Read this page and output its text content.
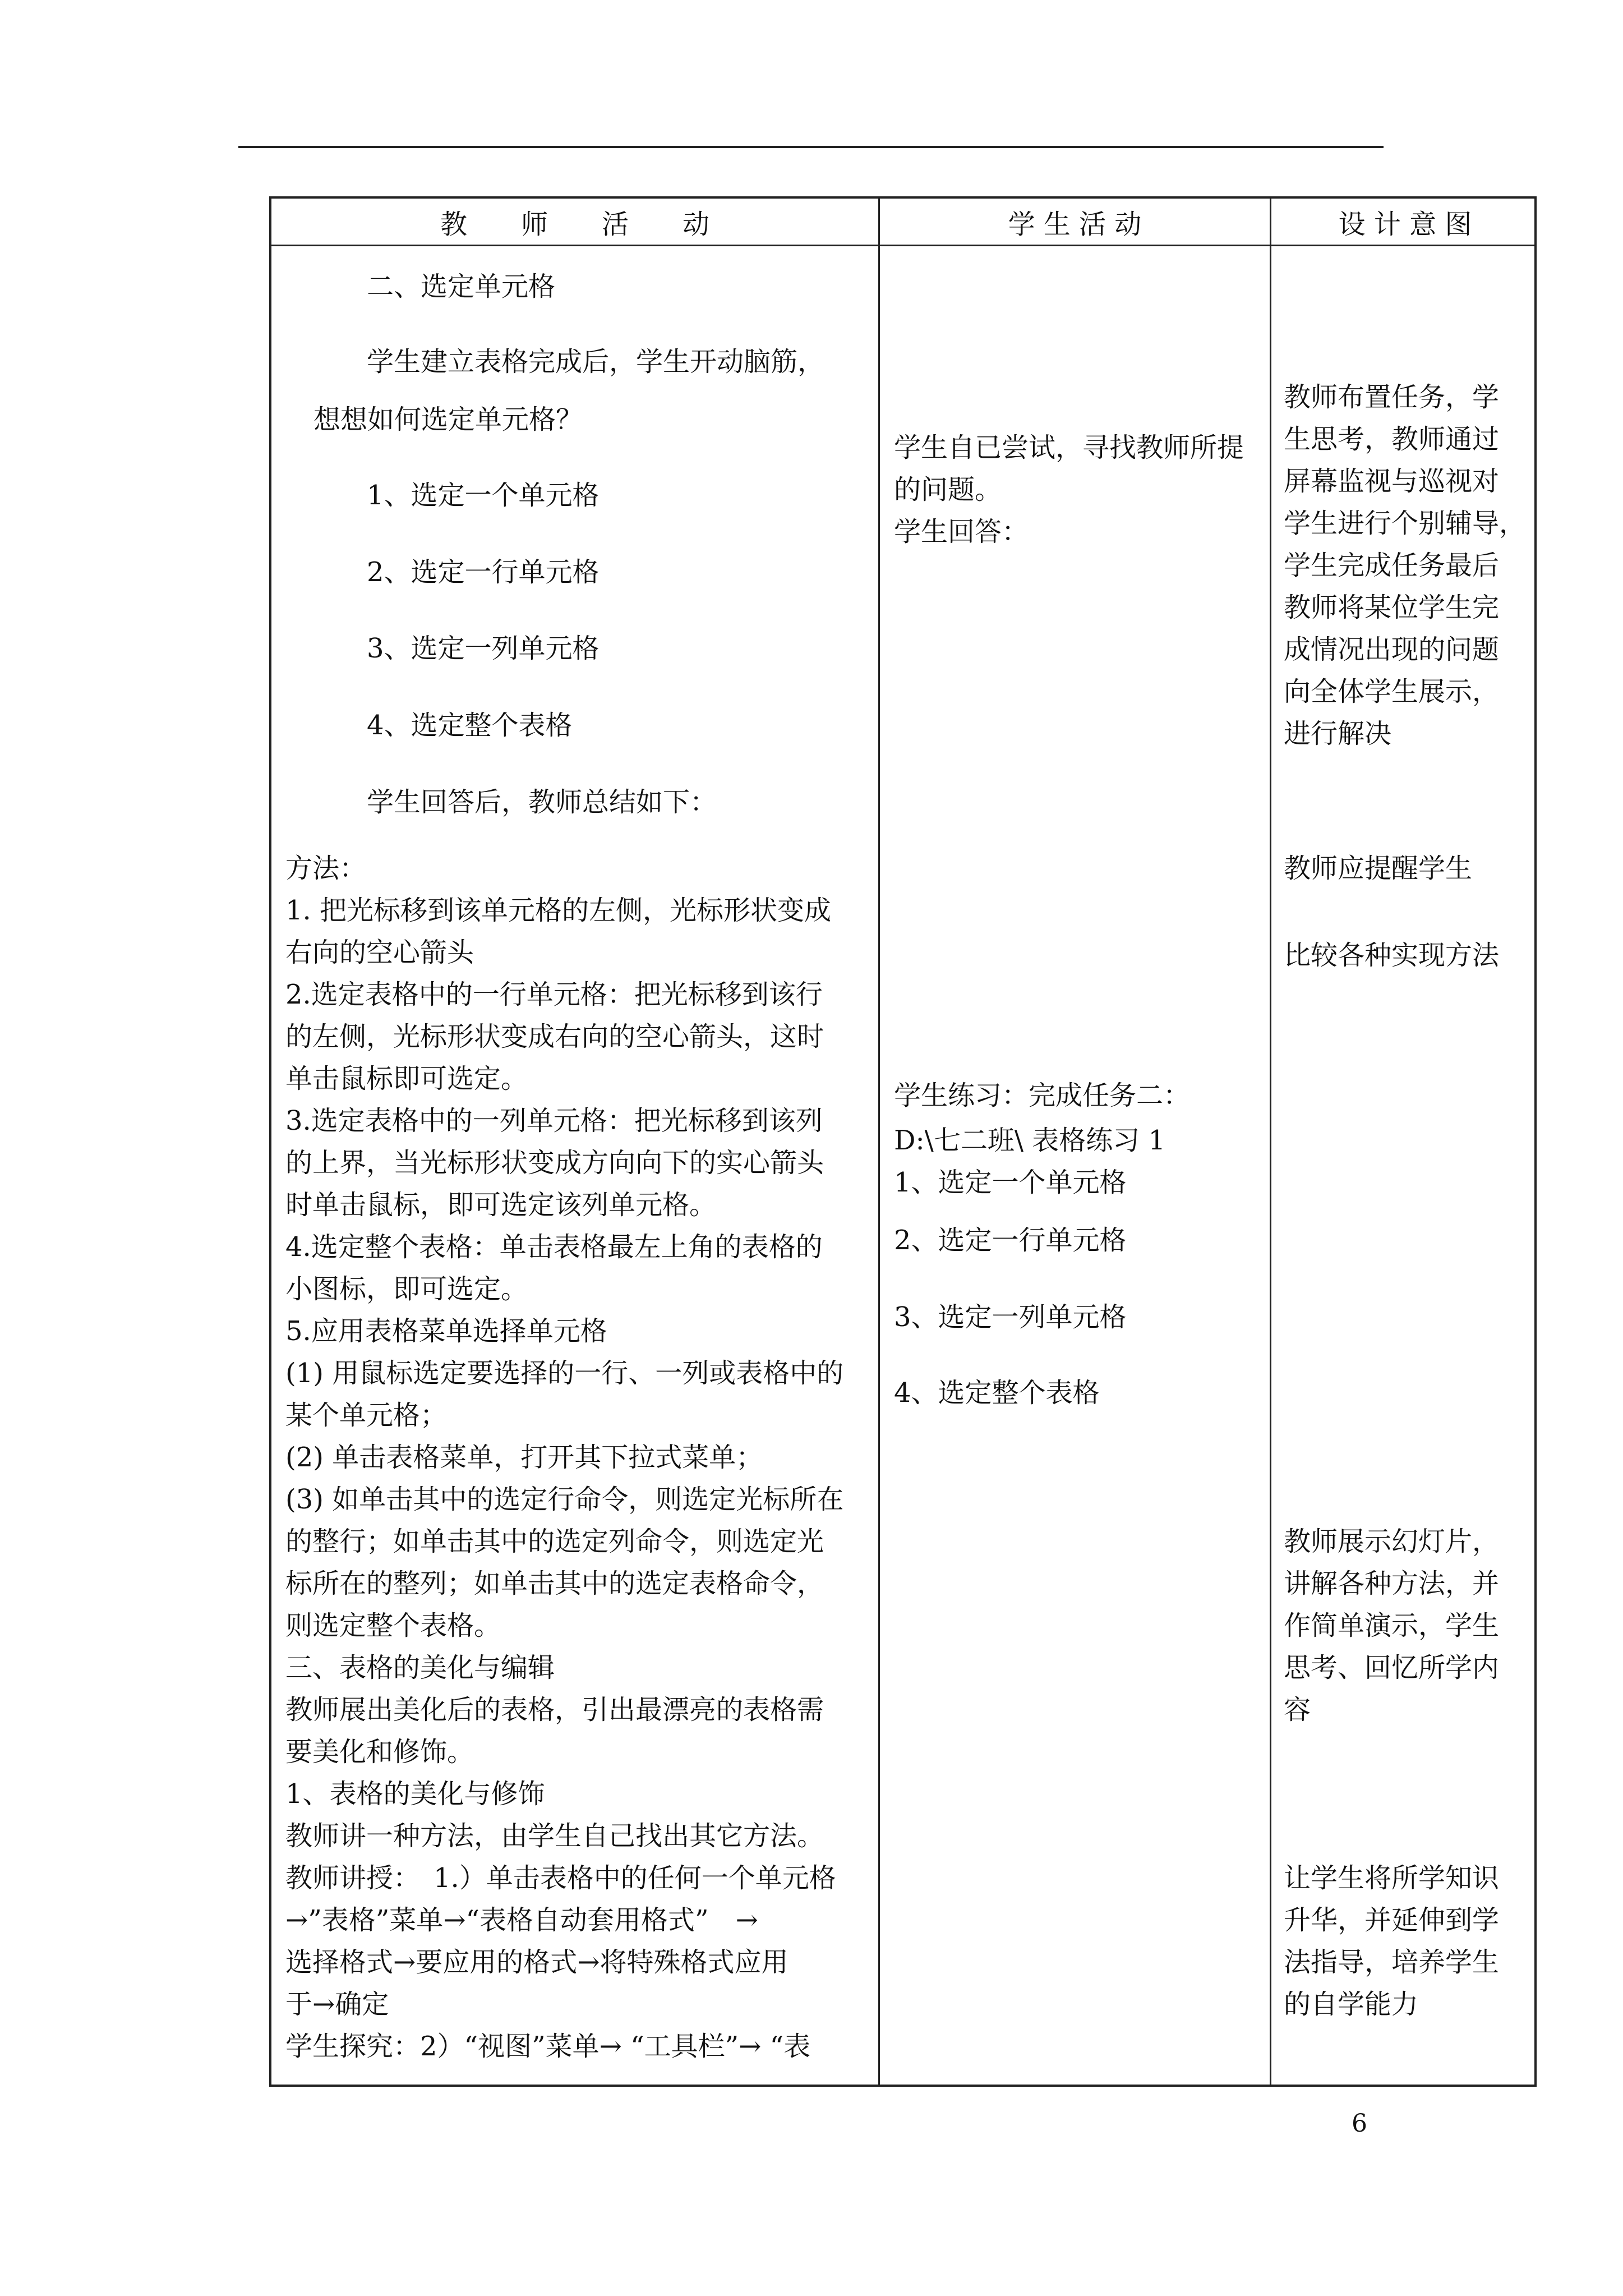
教　　师　　活　　动	学 生 活 动	设 计 意 图
二、选定单元格
学生建立表格完成后，学生开动脑筋，
想想如何选定单元格？
1、选定一个单元格
2、选定一行单元格
3、选定一列单元格
4、选定整个表格
学生回答后，教师总结如下：
方法：
1. 把光标移到该单元格的左侧，光标形状变成
右向的空心箭头
2.选定表格中的一行单元格：把光标移到该行
的左侧，光标形状变成右向的空心箭头，这时
单击鼠标即可选定。
3.选定表格中的一列单元格：把光标移到该列
的上界，当光标形状变成方向向下的实心箭头
时单击鼠标，即可选定该列单元格。
4.选定整个表格：单击表格最左上角的表格的
小图标，即可选定。
5.应用表格菜单选择单元格
(1) 用鼠标选定要选择的一行、一列或表格中的
某个单元格；
(2) 单击表格菜单，打开其下拉式菜单；
(3) 如单击其中的选定行命令，则选定光标所在
的整行；如单击其中的选定列命令，则选定光
标所在的整列；如单击其中的选定表格命令，
则选定整个表格。
三、表格的美化与编辑
教师展出美化后的表格，引出最漂亮的表格需
要美化和修饰。
1、表格的美化与修饰
教师讲一种方法，由学生自己找出其它方法。
教师讲授：　1.）单击表格中的任何一个单元格
→”表格”菜单→“表格自动套用格式”　→
选择格式→要应用的格式→将特殊格式应用
于→确定
学生探究：2）“视图”菜单→ “工具栏”→ “表
学生自已尝试，寻找教师所提
的问题。
学生回答：
学生练习：完成任务二：
D:\七二班\ 表格练习 1
1、选定一个单元格
2、选定一行单元格
3、选定一列单元格
4、选定整个表格
教师布置任务，学
生思考，教师通过
屏幕监视与巡视对
学生进行个别辅导，
学生完成任务最后
教师将某位学生完
成情况出现的问题
向全体学生展示，
进行解决
教师应提醒学生
比较各种实现方法
教师展示幻灯片，
讲解各种方法，并
作简单演示，学生
思考、回忆所学内
容
让学生将所学知识
升华，并延伸到学
法指导，培养学生
的自学能力
6
